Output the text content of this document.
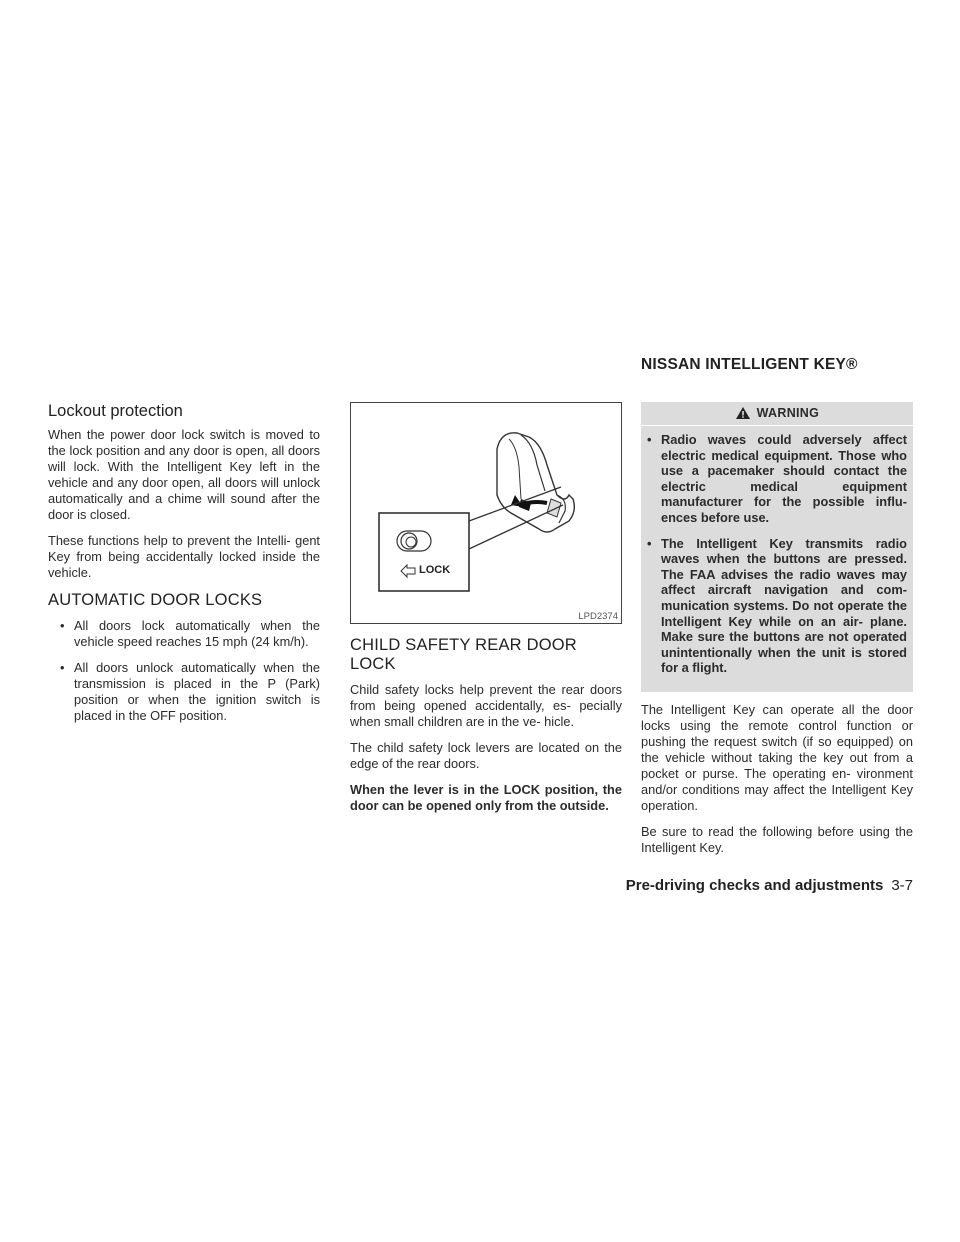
NISSAN INTELLIGENT KEY®
Lockout protection

When the power door lock switch is moved to the lock position and any door is open, all doors will lock. With the Intelligent Key left in the vehicle and any door open, all doors will unlock automatically and a chime will sound after the door is closed.

These functions help to prevent the Intelli- gent Key from being accidentally locked inside the vehicle.

AUTOMATIC DOOR LOCKS
• All doors lock automatically when the vehicle speed reaches 15 mph (24 km/h).
• All doors unlock automatically when the transmission is placed in the P (Park) position or when the ignition switch is placed in the OFF position.
LOCK
LPD2374
CHILD SAFETY REAR DOOR LOCK

Child safety locks help prevent the rear doors from being opened accidentally, es- pecially when small children are in the ve- hicle.

The child safety lock levers are located on the edge of the rear doors.

When the lever is in the LOCK position, the door can be opened only from the outside.

WARNING
• Radio waves could adversely affect electric medical equipment. Those who use a pacemaker should contact the electric medical equipment manufacturer for the possible influ- ences before use.
• The Intelligent Key transmits radio waves when the buttons are pressed. The FAA advises the radio waves may affect aircraft navigation and com- munication systems. Do not operate the Intelligent Key while on an air- plane. Make sure the buttons are not operated unintentionally when the unit is stored for a flight.

The Intelligent Key can operate all the door locks using the remote control function or pushing the request switch (if so equipped) on the vehicle without taking the key out from a pocket or purse. The operating en- vironment and/or conditions may affect the Intelligent Key operation.

Be sure to read the following before using the Intelligent Key.

Pre-driving checks and adjustments 3-7
